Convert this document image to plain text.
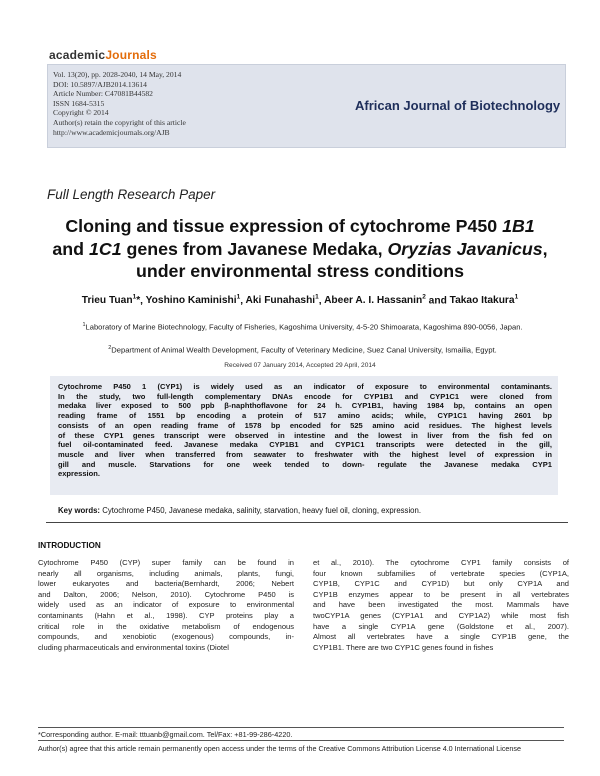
academicJournals
Vol. 13(20), pp. 2028-2040, 14 May, 2014
DOI: 10.5897/AJB2014.13614
Article Number: C47081B44582
ISSN 1684-5315
Copyright © 2014
Author(s) retain the copyright of this article
http://www.academicjournals.org/AJB
African Journal of Biotechnology
Full Length Research Paper
Cloning and tissue expression of cytochrome P450 1B1
and 1C1 genes from Javanese Medaka, Oryzias Javanicus, under environmental stress conditions
Trieu Tuan$^1$*, Yoshino Kaminishi$^1$, Aki Funahashi$^1$, Abeer A. I. Hassanin$^2$ and Takao Itakura$^1$
$^1$Laboratory of Marine Biotechnology, Faculty of Fisheries, Kagoshima University, 4-5-20 Shimoarata, Kagoshima 890-0056, Japan.
$^2$Department of Animal Wealth Development, Faculty of Veterinary Medicine, Suez Canal University, Ismailia, Egypt.
Received 07 January 2014, Accepted 29 April, 2014
Cytochrome P450 1 (CYP1) is widely used as an indicator of exposure to environmental contaminants.
In the study, two full-length complementary DNAs encode for CYP1B1 and CYP1C1 were cloned from
medaka liver exposed to 500 ppb β-naphthoflavone for 24 h. CYP1B1, having 1984 bp, contains an open
reading frame of 1551 bp encoding a protein of 517 amino acids; while, CYP1C1 having 2601 bp
consists of an open reading frame of 1578 bp encoded for 525 amino acid residues. The highest levels
of these CYP1 genes transcript were observed in intestine and the lowest in liver from the fish fed on
fuel oil-contaminated feed. Javanese medaka CYP1B1 and CYP1C1 transcripts were detected in the gill,
muscle and liver when transferred from seawater to freshwater with the highest level of expression in
gill and muscle. Starvations for one week tended to down- regulate the Javanese medaka CYP1
expression.
Key words: Cytochrome P450, Javanese medaka, salinity, starvation, heavy fuel oil, cloning, expression.
INTRODUCTION
Cytochrome P450 (CYP) super family can be found in
nearly all organisms, including animals, plants, fungi,
lower eukaryotes and bacteria(Bernhardt, 2006; Nebert
and Dalton, 2006; Nelson, 2010). Cytochrome P450 is
widely used as an indicator of exposure to environmental
contaminants (Hahn et al., 1998). CYP proteins play a
critical role in the oxidative metabolism of endogenous
compounds, and xenobiotic (exogenous) compounds, in-
cluding pharmaceuticals and environmental toxins (Diotel
et al., 2010). The cytochrome CYP1 family consists of
four known subfamilies of vertebrate species (CYP1A,
CYP1B, CYP1C and CYP1D) but only CYP1A and
CYP1B enzymes appear to be present in all vertebrates
and have been investigated the most. Mammals have
twoCYP1A genes (CYP1A1 and CYP1A2) while most fish
have a single CYP1A gene (Goldstone et al., 2007).
Almost all vertebrates have a single CYP1B gene, the
CYP1B1. There are two CYP1C genes found in fishes
*Corresponding author. E-mail: tttuanb@gmail.com. Tel/Fax: +81-99-286-4220.
Author(s) agree that this article remain permanently open access under the terms of the Creative Commons Attribution License 4.0 International License
